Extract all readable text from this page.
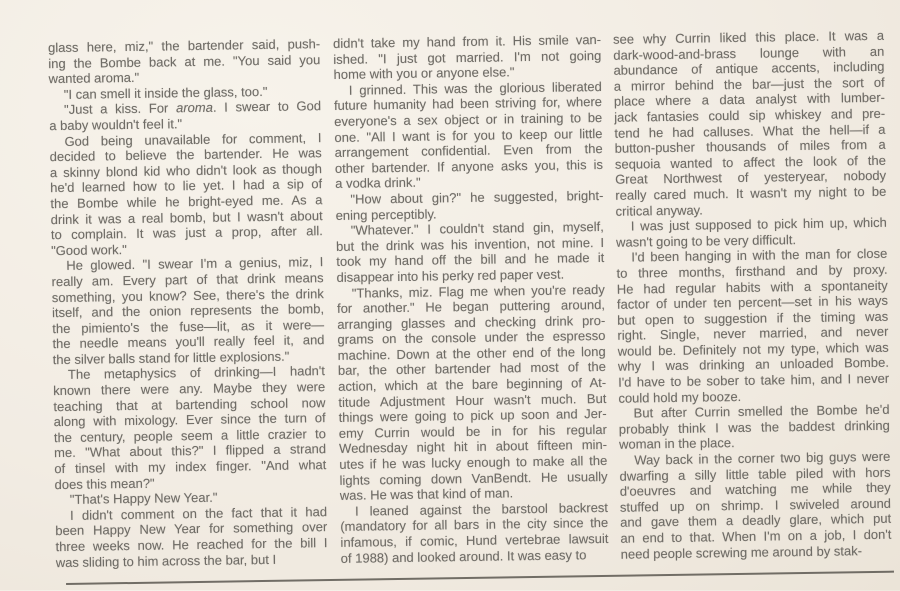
glass here, miz," the bartender said, push-
ing the Bombe back at me. "You said you
wanted aroma."
"I can smell it inside the glass, too."
"Just a kiss. For aroma. I swear to God
a baby wouldn't feel it."
God being unavailable for comment, I
decided to believe the bartender. He was
a skinny blond kid who didn't look as though
he'd learned how to lie yet. I had a sip of
the Bombe while he bright-eyed me. As a
drink it was a real bomb, but I wasn't about
to complain. It was just a prop, after all.
"Good work."
He glowed. "I swear I'm a genius, miz, I
really am. Every part of that drink means
something, you know? See, there's the drink
itself, and the onion represents the bomb,
the pimiento's the fuse—lit, as it were—
the needle means you'll really feel it, and
the silver balls stand for little explosions."
The metaphysics of drinking—I hadn't
known there were any. Maybe they were
teaching that at bartending school now
along with mixology. Ever since the turn of
the century, people seem a little crazier to
me. "What about this?" I flipped a strand
of tinsel with my index finger. "And what
does this mean?"
"That's Happy New Year."
I didn't comment on the fact that it had
been Happy New Year for something over
three weeks now. He reached for the bill I
was sliding to him across the bar, but I
didn't take my hand from it. His smile van-
ished. "I just got married. I'm not going
home with you or anyone else."
I grinned. This was the glorious liberated
future humanity had been striving for, where
everyone's a sex object or in training to be
one. "All I want is for you to keep our little
arrangement confidential. Even from the
other bartender. If anyone asks you, this is
a vodka drink."
"How about gin?" he suggested, bright-
ening perceptibly.
"Whatever." I couldn't stand gin, myself,
but the drink was his invention, not mine. I
took my hand off the bill and he made it
disappear into his perky red paper vest.
"Thanks, miz. Flag me when you're ready
for another." He began puttering around,
arranging glasses and checking drink pro-
grams on the console under the espresso
machine. Down at the other end of the long
bar, the other bartender had most of the
action, which at the bare beginning of At-
titude Adjustment Hour wasn't much. But
things were going to pick up soon and Jer-
emy Currin would be in for his regular
Wednesday night hit in about fifteen min-
utes if he was lucky enough to make all the
lights coming down VanBendt. He usually
was. He was that kind of man.
I leaned against the barstool backrest
(mandatory for all bars in the city since the
infamous, if comic, Hund vertebrae lawsuit
of 1988) and looked around. It was easy to
see why Currin liked this place. It was a
dark-wood-and-brass lounge with an
abundance of antique accents, including
a mirror behind the bar—just the sort of
place where a data analyst with lumber-
jack fantasies could sip whiskey and pre-
tend he had calluses. What the hell—if a
button-pusher thousands of miles from a
sequoia wanted to affect the look of the
Great Northwest of yesteryear, nobody
really cared much. It wasn't my night to be
critical anyway.
I was just supposed to pick him up, which
wasn't going to be very difficult.
I'd been hanging in with the man for close
to three months, firsthand and by proxy.
He had regular habits with a spontaneity
factor of under ten percent—set in his ways
but open to suggestion if the timing was
right. Single, never married, and never
would be. Definitely not my type, which was
why I was drinking an unloaded Bombe.
I'd have to be sober to take him, and I never
could hold my booze.
But after Currin smelled the Bombe he'd
probably think I was the baddest drinking
woman in the place.
Way back in the corner two big guys were
dwarfing a silly little table piled with hors
d'oeuvres and watching me while they
stuffed up on shrimp. I swiveled around
and gave them a deadly glare, which put
an end to that. When I'm on a job, I don't
need people screwing me around by stak-
